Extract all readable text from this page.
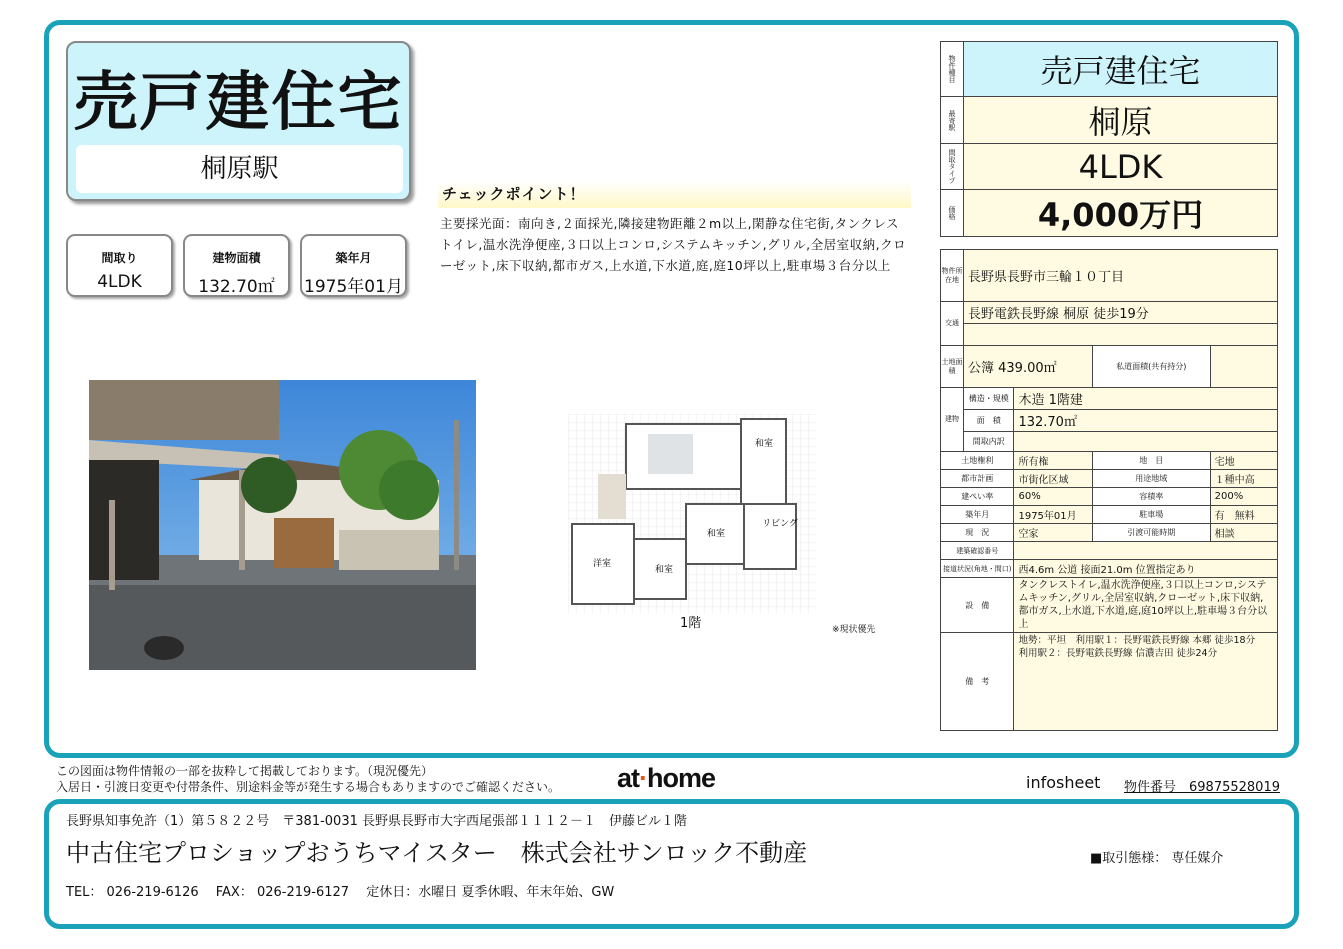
売戸建住宅
桐原駅
間取り
4LDK
建物面積
132.70㎡
築年月
1975年01月
チェックポイント！
主要採光面：南向き,２面採光,隣接建物距離２m以上,閑静な住宅街,タンクレストイレ,温水洗浄便座,３口以上コンロ,システムキッチン,グリル,全居室収納,クローゼット,床下収納,都市ガス,上水道,下水道,庭,庭10坪以上,駐車場３台分以上
和室
和室
和室
洋室
リビング
1階	※現状優先
物件種目	売戸建住宅
最寄駅	桐原
間取タイプ	4LDK
価格	4,000万円
物件所在地	長野県長野市三輪１０丁目			
交通	長野電鉄長野線 桐原 徒歩19分			

土地面積	公簿 439.00㎡		私道面積(共有持分)	
建物	構造・規模	木造 1階建		
	面　積	132.70㎡		
	間取内訳			
土地権利		所有権	地　目	宅地
都市計画		市街化区域	用途地域	１種中高
建ぺい率		60%	容積率	200%
築年月		1975年01月	駐車場	有　無料
現　況		空家	引渡可能時期	相談
建築確認番号				
接道状況(角地・間口)		西4.6m 公道 接面21.0m 位置指定あり		
設　備		タンクレストイレ,温水洗浄便座,３口以上コンロ,システムキッチン,グリル,全居室収納,クローゼット,床下収納,都市ガス,上水道,下水道,庭,庭10坪以上,駐車場３台分以上		
備　考		地勢：平坦　利用駅１：長野電鉄長野線 本郷 徒歩18分　利用駅２：長野電鉄長野線 信濃吉田 徒歩24分		
この図面は物件情報の一部を抜粋して掲載しております。（現況優先）
入居日・引渡日変更や付帯条件、別途料金等が発生する場合もありますのでご確認ください。 at·home	infosheet 物件番号　69875528019
長野県知事免許（1）第５８２２号　〒381-0031 長野県長野市大字西尾張部１１１２－１　伊藤ビル１階
中古住宅プロショップおうちマイスター　株式会社サンロック不動産	■取引態様： 専任媒介
TEL： 026-219-6126　 FAX： 026-219-6127　 定休日：水曜日 夏季休暇、年末年始、GW
